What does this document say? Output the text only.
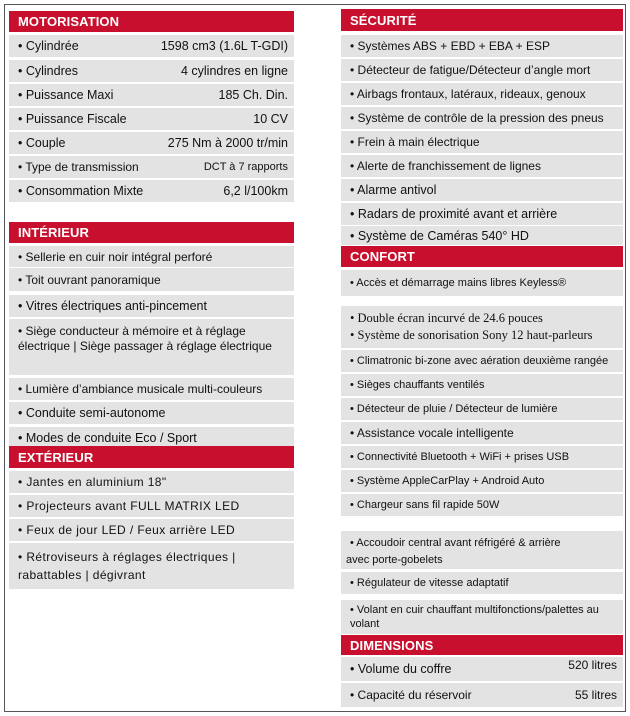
MOTORISATION
• Cylindrée	1598 cm3 (1.6L T-GDI)
• Cylindres	4 cylindres en ligne
• Puissance Maxi	185 Ch. Din.
• Puissance Fiscale	10 CV
• Couple	275 Nm à 2000 tr/min
• Type de transmission	DCT à 7 rapports
• Consommation Mixte	6,2 l/100km
INTÉRIEUR
• Sellerie en cuir noir intégral perforé
• Toit ouvrant panoramique
• Vitres électriques anti-pincement
• Siège conducteur à mémoire et à réglage électrique | Siège passager à réglage électrique
• Lumière d’ambiance musicale multi-couleurs
• Conduite semi-autonome
• Modes de conduite Eco / Sport
EXTÉRIEUR
• Jantes en aluminium 18"
• Projecteurs avant FULL MATRIX LED
• Feux de jour LED / Feux arrière LED
• Rétroviseurs à réglages électriques | rabattables | dégivrant
SÉCURITÉ
• Systèmes ABS + EBD + EBA + ESP
• Détecteur de fatigue/Détecteur d’angle mort
• Airbags frontaux, latéraux, rideaux, genoux
• Système de contrôle de la pression des pneus
• Frein à main électrique
• Alerte de franchissement de lignes
• Alarme antivol
• Radars de proximité avant et arrière
• Système de Caméras 540° HD
CONFORT
• Accès et démarrage mains libres Keyless®
• Double écran incurvé de 24.6 pouces
• Système de sonorisation Sony 12 haut-parleurs
• Climatronic bi-zone avec aération deuxième rangée
• Sièges chauffants ventilés
• Détecteur de pluie / Détecteur de lumière
• Assistance vocale intelligente
• Connectivité Bluetooth + WiFi + prises USB
• Système AppleCarPlay + Android Auto
• Chargeur sans fil rapide 50W
• Accoudoir central avant réfrigéré & arrière
avec porte-gobelets
• Régulateur de vitesse adaptatif
• Volant en cuir chauffant multifonctions/palettes au volant
DIMENSIONS
• Volume du coffre	520 litres
• Capacité du réservoir	55 litres
